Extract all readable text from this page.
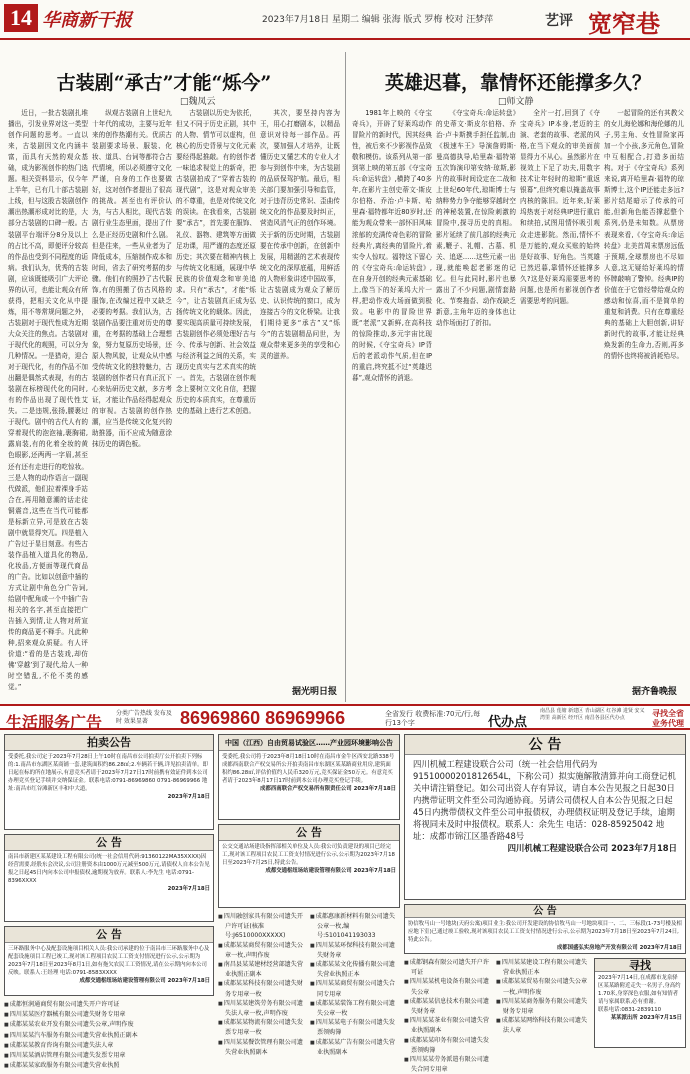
14 华商新干报	2023年7月18日 星期二 编辑 张海 版式 罗梅 校对 汪梦萍	艺评 宽窄巷
古装剧“承古”才能“烁今”
□魏凤云

近日，一批古装剧扎堆播出，引发业界对这一类型创作问题的思考。一直以来，古装剧因文化内涵丰富，而具有天然的观众基础，成为影视创作的热门选题。相关资料显示，仅今年上半年，已有几十部古装剧上线，但与这股古装剧创作潮出热潮形成对比的是，大部分古装剧的口碑一般。古装剧平台端评分8分及以上的占比不高，即便评分较高的作品也受到不同程度的诟病。我们认为，优秀的古装剧，应该既能吸引广大评论界的认可，也能让观众有所获得，把相关文化从中提炼，用不等常规问题之外，古装剧对于现代性成为近期大众关注的焦点。古装剧对于现代化的观照，可以分为几种情况。一是猎奇，迎合对于现代化，有的作品不加出翻是偶然式表现，有的古装剧在标榜现代化的同时,有的作品出现了现代性艾失。二是违规,张扬,腰裹过于现代。剧中的古代人有的穿着现代的泡泡袖,裹胸裙,露肩装,有的化着全妆的黄色眼影,还两两一字眉,甚至还有还有走进行的吃惊妆。三是人物的动作语言一副现代做派，他们拉着裸身手站合在,再用随意潮的话走徒铜震音,这些在当代可能都是标新立异,可是放在古装剧中就显得突兀。四是植入广告过于显目刻意。有些古装作品植入道具化的物品,化妆品,方便面等现代商品的广告。比如以创意中插的方式让剧中角色分广告词,给剧中配角或一个中插广告相关的名字,甚至直接把广告插入到情,让人物对所宣传的商品更不释手。凡此种种,招来观众质疑。有人评价道:“看的是古装戏,却仿佛‘穿越’到了现代,给人一种时空错乱,不伦不类的感觉。”

纵观古装剧自上世纪九十年代的成功，主要与近年来的创作热潮有关。优质古装剧要求场景、服装、化妆、道具、台词等都符合古代情境，所以必须遵守文化严谨，自身的工作也要做好，这对创作者提出了很高的挑战。甚至也有评价认为，与古人相比，现代古装剧行业生态里面，提出了什么是正经历史剧和什么剧。但是往来，一些从业者为了降低成本，压缩制作成本和时间，省去了研究考据的步骤。他们有的照抄了古代服饰,有的照搬了仿古风格的服饰,在改编过程中又缺乏必要的考据。我们认为，古装剧作品要注重对历史的尊重，在考据的基础上合理想象，努力复原历史场景，还原人物风貌，让观众从中感受传统文化的独特魅力，古装剧的创作者只有真正沉下心来钻研历史文献，多方考证，才能让作品经得起观众的审视。古装剧的创作热潮，应当是传统文化复兴的助推器，而不应成为随意涂抹历史的调色板。

古装剧以历史为依托，但又不同于历史正剧，其中的人物、情节可以虚构，但核心的历史背景与文化元素要经得起推敲。有的创作者一味追求视觉上的新奇，把古装剧拍成了“穿着古装的现代剧”，这是对观众审美的不尊重，也是对传统文化的误读。在我看来，古装剧要“承古”，首先要在服饰、礼仪、器物、建筑等方面做足功课，用严谨的态度还原历史；其次要在精神内核上与传统文化相通，展现中华民族的价值观念和审美追求。只有“承古”，才能“烁今”，让古装剧真正成为弘扬传统文化的载体。因此，要实现高质量可持续发展，古装剧创作必须处理好古与今、传承与创新、社会效益与经济利益之间的关系，实现历史真实与艺术真实的统一。首先，古装剧在创作观念上要树立文化自信，把握历史的本质真实，在尊重历史的基础上进行艺术创造。

其次，要坚持内容为王，用心打磨剧本，以精品意识对待每一部作品。再次，要加强人才培养，让既懂历史又懂艺术的专业人才参与到创作中来，为古装剧的品质保驾护航。最后，相关部门要加强引导和监管，对于违背历史常识、歪曲传统文化的作品要及时纠正，营造风清气正的创作环境。关于新的历史时期，古装剧要在传承中创新，在创新中发展，用精湛的艺术表现传统文化的深厚底蕴，用鲜活的人物形象讲述中国故事，让古装剧成为观众了解历史、认识传统的窗口，成为连接古今的文化桥梁。让我们期待更多“承古”又“烁今”的古装剧精品问世，为观众带来更多美的享受和心灵的滋养。

据光明日报
英雄迟暮，靠情怀还能撑多久？
□师文静

1981年上映的《夺宝奇兵》，开辟了好莱坞动作冒险片的新时代，因其经典性，被后来不少影视作品致敬和模仿。该系列从第一部到第上映的第五部《夺宝奇兵:命运转盘》,横跨了40多年,在影片主创史蒂文·斯皮尔伯格、乔治·卢卡斯、哈里森·福特都年近80岁时,还能为观众带来一部怀旧风味浓郁的充满传奇色彩的冒险经典片,离经典的冒险片,着实令人惊叹。福特这下留心的《夺宝奇兵:命运转盘》,在自身开创的经典元素基础上,像当下的好莱坞大片一样,把动作戏大场面做到极致。电影中的冒险世界既“老派”又新鲜,在高科技的惊险推动,多元宇宙比现的时候,《夺宝奇兵》IP背后的老派动作气质,但在IP的重启,终究抵不过“英雄迟暮”,观众情怀的消退。

《夺宝奇兵:命运转盘》的史蒂文·斯皮尔伯格、乔治·卢卡斯携手担任监制,由《极速车王》导演詹姆斯·曼高德执导,哈里森·福特第五次饰演印第安纳·琼斯,影片的故事时间设定在二战和上世纪60年代,琼斯博士与纳粹势力争夺能够穿越时空的神秘装置,在惊险刺激的冒险中,探寻历史的真相。影片延续了前几部的经典元素,鞭子、礼帽、古墓、机关、追逐……这些元素一出现,就能唤起老影迷的记忆。但与此同时,影片也暴露出了不少问题,剧情套路化、节奏拖沓、动作戏缺乏新意,主角年迈的身体也让动作场面打了折扣。

全片一打,回到了《夺宝奇兵》IP本身,老迈的主演、老套的故事、老派的风格,在当下观众的审美面前显得力不从心。虽然影片在视效上下足了功夫,用数字技术让年轻时的琼斯“重返银幕”,但终究难以掩盖故事内核的陈旧。近年来,好莱坞热衷于对经典IP进行重启和续拍,试图用情怀吸引观众走进影院。然而,情怀不是万能的,观众买账的始终是好故事、好角色。当英雄已然迟暮,靠情怀还能撑多久?这是好莱坞需要思考的问题,也是所有影视创作者需要思考的问题。

一起冒险的还有其教父的女儿海伦娜和海伦娜的儿子,男主角、女性冒险家再加一个小孩,多元角色,冒险中互相配合,打造多面结构。对于《夺宝奇兵》系列来说,离开哈里森·福特的琼斯博士,这个IP还能走多远?影片结尾暗示了传承的可能,但新角色能否撑起整个系列,仍是未知数。从票房表现来看,《夺宝奇兵:命运转盘》北美首周末票房远低于预期,全球票房也不尽如人意,这无疑给好莱坞的情怀牌敲响了警钟。经典IP的价值在于它曾经带给观众的感动和惊喜,而不是简单的重复和消费。只有在尊重经典的基础上大胆创新,讲好新时代的故事,才能让经典焕发新的生命力,否则,再多的情怀也终将被消耗殆尽。

据齐鲁晚报
生活服务广告 分类广告热线 发布及时 效果显著	86969860 86969966	全省发行 收费标准:70元/行,每行13个字	代办点
南昌县 莲塘 新建区 青山湖区 红谷滩 进贤 安义 湾里 高新区 经开区 南昌各县区代办点	寻找全省业务代理
拍卖公告
受委托,我公司定于2023年7月28日上午10时在南昌市公司拍卖厅公开拍卖下列标的:1.南昌市东湖区某商铺一套,建筑面积约86.28㎡;2.车辆若干辆,详见拍卖清单。即日起在标的所在地展示,有意竞买者请于2023年7月27日17时前携有效证件到本公司办理竞买登记手续并交纳保证金。联系电话:0791-86969860 0791-86969966 地址:南昌市红谷滩新区丰和中大道。
2023年7月18日
公 告
南昌市新建区某某建设工程有限公司(统一社会信用代码:91360122MA35XXXX)因经营需要,经股东会决议,公司注册资本由1000万元减至500万元,请债权人自本公告见报之日起45日内向本公司申报债权,逾期视为放弃。联系人:李先生 电话:0791-8396XXXX
2023年7月18日
公 告
三环路服务中心及配套设施项目相关人员:我公司承建的位于南昌市三环路服务中心及配套设施项目工程已竣工,现对该工程项目农民工工资支付情况进行公示,公示期为2023年7月18日至2023年8月1日,如有拖欠农民工工资情况,请在公示期内向本公司反映。联系人:王经理 电话:0791-8583XXXX
成都交通枢纽场站建设管理有限公司 2023年7月18日
中国（江西）自由贸易试验区……产业园环境影响公告
受委托,我公司将于2023年8月18日10时在南昌市金牛区西安北路338号成都西南联合产权交易所公开拍卖南昌市东湖区某某路商业用房,建筑面积约86.28㎡,评估价值约人民币320万元,竞买保证金50万元。有意竞买者请于2023年8月17日17时前到本公司办理竞买登记手续。
成都西南联合产权交易所有限责任公司 2023年7月18日
公 告
公交交通站场建设指挥部相关单位及人员:我公司负责建设的项目已经完工,现对该工程项目农民工工资支付情况进行公示,公示期为2023年7月18日至2023年7月25日,特此公告。
成都交通枢纽场站建设管理有限公司 2023年7月18日
公 告
四川机械工程建设联合公司（统一社会信用代码为91510000201812654L，下称公司）拟实施解散清算并向工商登记机关申请注销登记。如公司出资人存有异议，请自本公告见报之日起30日内携带证明文件至公司沟通协商。另请公司债权人自本公告见报之日起45日内携带债权文件至公司申报债权，办理债权证明及登记手续，逾期将视同未及时申报债权。联系人：余先生 电话：028-85925042 地址：成都市锦江区墨香路48号
四川机械工程建设联合公司 2023年7月18日
公 告
协信牧马山一号地块(天府公寓)项目业主:我公司开发建设的协信牧马山一号地块项目一、二、三标段(1-73号楼及相应地下室)已通过竣工验收,现对该项目农民工工资支付情况进行公示,公示期为2023年7月18日至2023年7月24日,特此公告。
成都国盛弘实房地产开发有限公司 2023年7月18日
■ 四川融创家具有限公司遗失开户许可证(核准号:J6510000XXXXX)
■ 成都某某商贸有限公司遗失公章一枚,声明作废
■ 南昌县某某建材经营部遗失营业执照正副本
■ 成都某某科技有限公司遗失财务专用章一枚
■ 四川某某建筑劳务有限公司遗失法人章一枚,声明作废
■ 成都某某物流有限公司遗失发票专用章一枚
■ 四川某某餐饮管理有限公司遗失营业执照副本
■ 成都惠康新材料有限公司遗失公章一枚,编号:5101041193033
■ 四川某某环保科技有限公司遗失财务章
■ 成都某某文化传播有限公司遗失营业执照正本
■ 四川某某商贸有限公司遗失合同专用章
■ 成都某某装饰工程有限公司遗失公章一枚
■ 四川某某电子有限公司遗失发票领购簿
■ 成都某某广告有限公司遗失营业执照副本
■ 成都恒润通商贸有限公司遗失开户许可证
■ 四川某某医疗器械有限公司遗失财务专用章
■ 成都某某农业开发有限公司遗失公章,声明作废
■ 四川某某汽车服务有限公司遗失营业执照正副本
■ 成都某某教育咨询有限公司遗失法人章
■ 四川某某酒店管理有限公司遗失发票专用章
■ 成都某某家政服务有限公司遗失营业执照
■ 成都钢森有限公司遗失开户许可证
■ 四川某某机电设备有限公司遗失公章
■ 成都某某信息技术有限公司遗失财务章
■ 四川某某茶业有限公司遗失营业执照副本
■ 成都某某印务有限公司遗失发票领购簿
■ 四川某某劳务派遣有限公司遗失合同专用章
■ 四川某某建设工程有限公司遗失营业执照正本
■ 成都某某贸易有限公司遗失公章一枚,声明作废
■ 四川某某商务服务有限公司遗失财务专用章
■ 成都某某网络科技有限公司遗失法人章
寻找
2023年7月14日,在成都市龙泉驿区某某路附近走失一名男子,身高约1.70米,身穿深色衣服,如有知情者请与家属联系,必有重谢。
联系电话:0831-2839110
某某派出所 2023年7月15日
